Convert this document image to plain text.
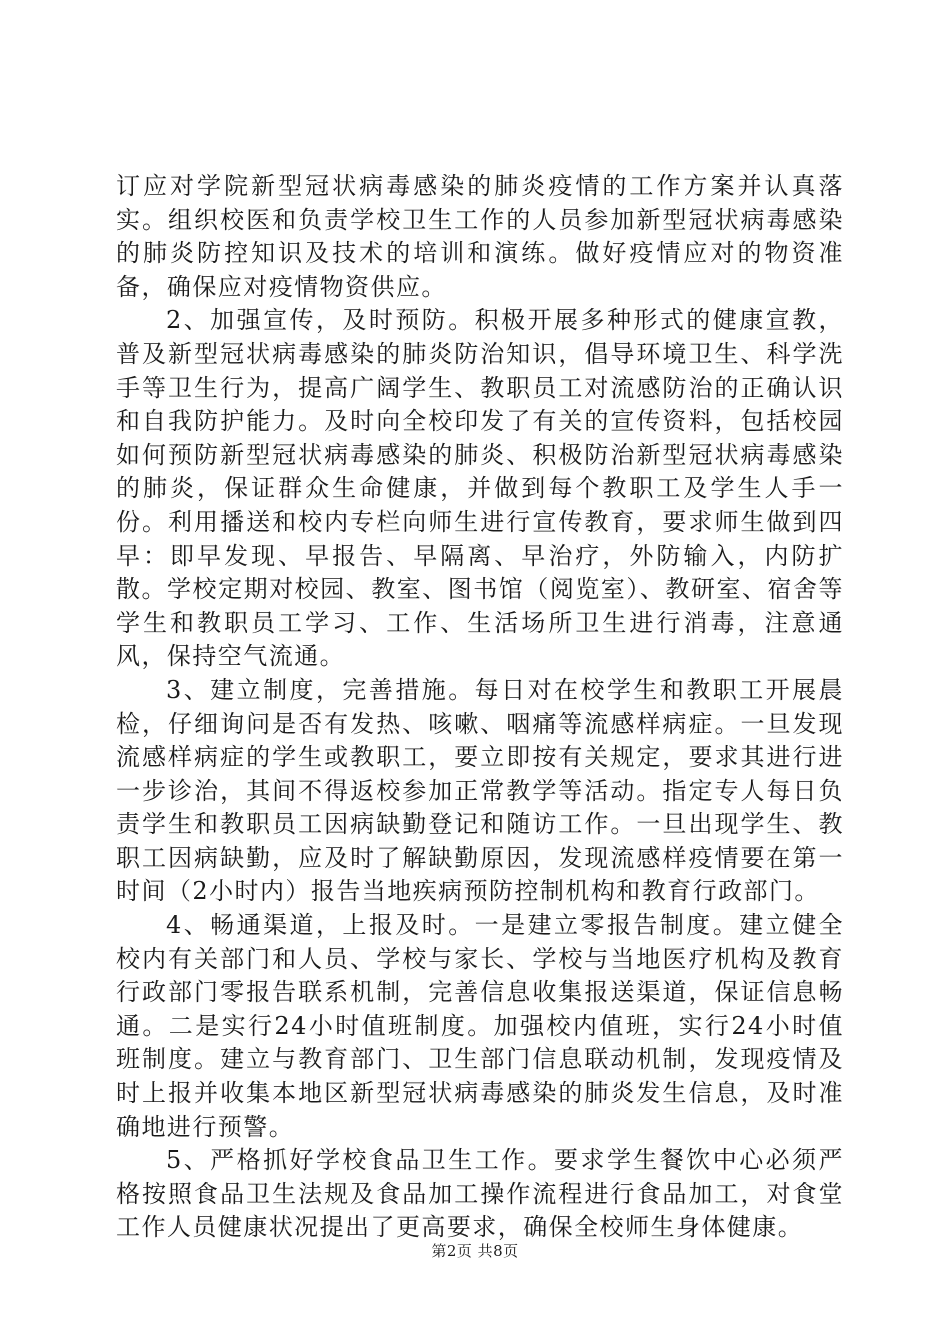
订应对学院新型冠状病毒感染的肺炎疫情的工作方案并认真落实。组织校医和负责学校卫生工作的人员参加新型冠状病毒感染的肺炎防控知识及技术的培训和演练。做好疫情应对的物资准备，确保应对疫情物资供应。

2、加强宣传，及时预防。积极开展多种形式的健康宣教，普及新型冠状病毒感染的肺炎防治知识，倡导环境卫生、科学洗手等卫生行为，提高广阔学生、教职员工对流感防治的正确认识和自我防护能力。及时向全校印发了有关的宣传资料，包括校园如何预防新型冠状病毒感染的肺炎、积极防治新型冠状病毒感染的肺炎，保证群众生命健康，并做到每个教职工及学生人手一份。利用播送和校内专栏向师生进行宣传教育，要求师生做到四早：即早发现、早报告、早隔离、早治疗，外防输入，内防扩散。学校定期对校园、教室、图书馆（阅览室）、教研室、宿舍等学生和教职员工学习、工作、生活场所卫生进行消毒，注意通风，保持空气流通。

3、建立制度，完善措施。每日对在校学生和教职工开展晨检，仔细询问是否有发热、咳嗽、咽痛等流感样病症。一旦发现流感样病症的学生或教职工，要立即按有关规定，要求其进行进一步诊治，其间不得返校参加正常教学等活动。指定专人每日负责学生和教职员工因病缺勤登记和随访工作。一旦出现学生、教职工因病缺勤，应及时了解缺勤原因，发现流感样疫情要在第一时间（2小时内）报告当地疾病预防控制机构和教育行政部门。

4、畅通渠道，上报及时。一是建立零报告制度。建立健全校内有关部门和人员、学校与家长、学校与当地医疗机构及教育行政部门零报告联系机制，完善信息收集报送渠道，保证信息畅通。二是实行24小时值班制度。加强校内值班，实行24小时值班制度。建立与教育部门、卫生部门信息联动机制，发现疫情及时上报并收集本地区新型冠状病毒感染的肺炎发生信息，及时准确地进行预警。

5、严格抓好学校食品卫生工作。要求学生餐饮中心必须严格按照食品卫生法规及食品加工操作流程进行食品加工，对食堂工作人员健康状况提出了更高要求，确保全校师生身体健康。

第2页 共8页
